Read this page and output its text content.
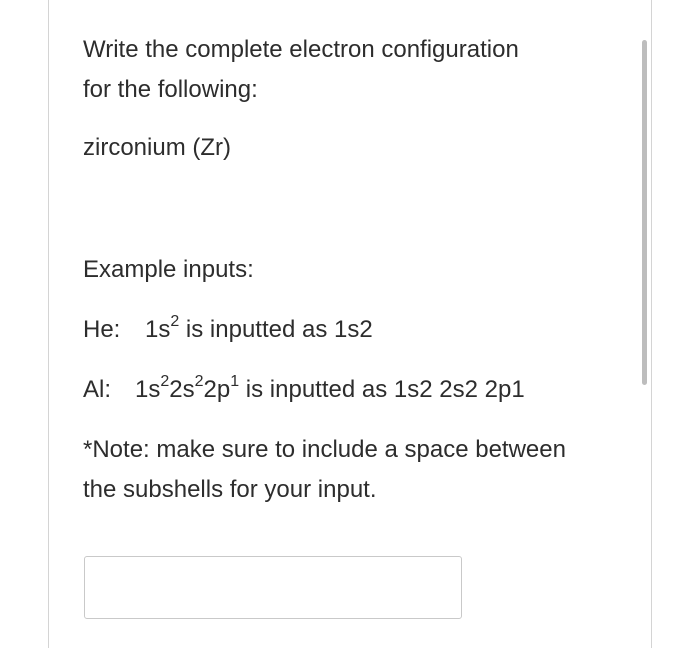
Write the complete electron configuration
for the following:

zirconium (Zr)

Example inputs:

He: $1s^2$ is inputted as 1s2

Al: $1s^22s^22p^1$ is inputted as 1s2 2s2 2p1

*Note: make sure to include a space between
the subshells for your input.
